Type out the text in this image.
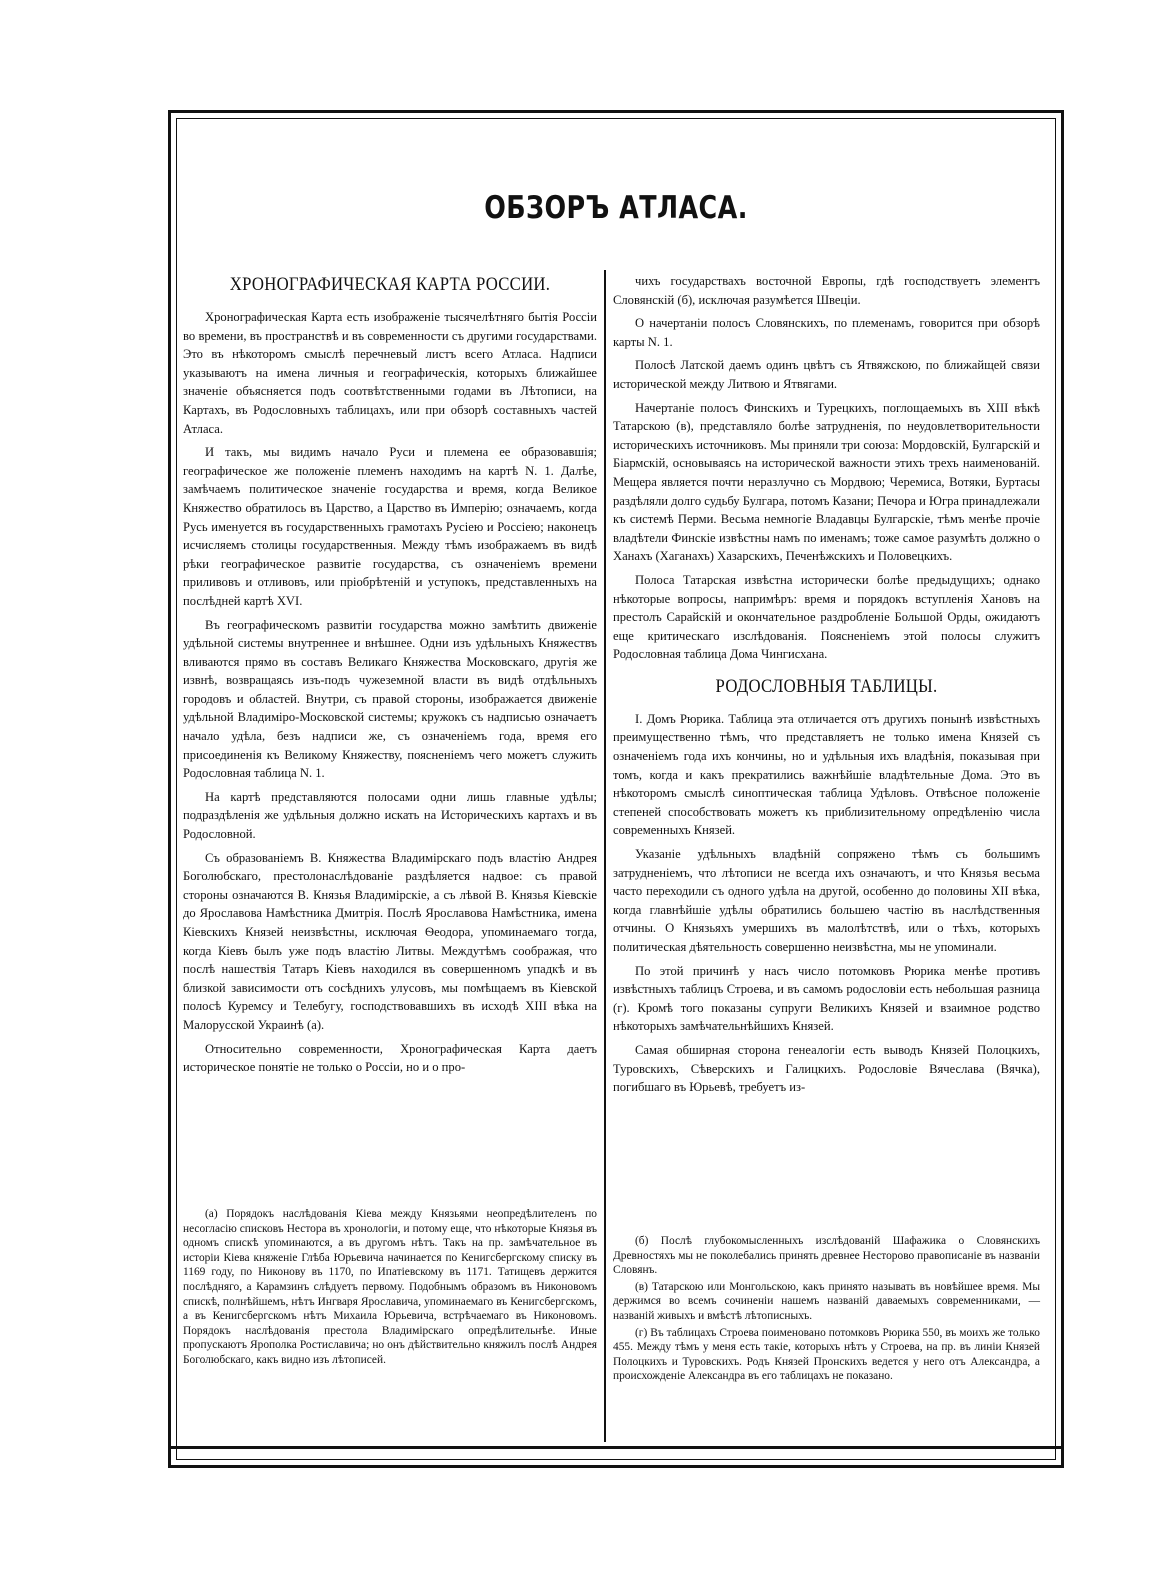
ОБЗОРЪ АТЛАСА.
ХРОНОГРАФИЧЕСКАЯ КАРТА РОССИИ.

Хронографическая Карта есть изображенiе тысячелѣтняго бытiя Россiи во времени, въ пространствѣ и въ современности съ другими государствами. Это въ нѣкоторомъ смыслѣ перечневый листъ всего Атласа. Надписи указываютъ на имена личныя и географическiя, которыхъ ближайшее значенiе объясняется подъ соотвѣтственными годами въ Лѣтописи, на Картахъ, въ Родословныхъ таблицахъ, или при обзорѣ составныхъ частей Атласа.

И такъ, мы видимъ начало Руси и племена ее образовавшiя; географическое же положенiе племенъ находимъ на картѣ N. 1. Далѣе, замѣчаемъ политическое значенiе государства и время, когда Великое Княжество обратилось въ Царство, а Царство въ Имперiю; означаемъ, когда Русь именуется въ государственныхъ грамотахъ Русiею и Россiею; наконецъ исчисляемъ столицы государственныя. Между тѣмъ изображаемъ въ видѣ рѣки географическое развитiе государства, съ означенiемъ времени приливовъ и отливовъ, или прiобрѣтенiй и уступокъ, представленныхъ на послѣдней картѣ XVI.

Въ географическомъ развитiи государства можно замѣтить движенiе удѣльной системы внутреннее и внѣшнее. Одни изъ удѣльныхъ Княжествъ вливаются прямо въ составъ Великаго Княжества Московскаго, другiя же извнѣ, возвращаясь изъ-подъ чужеземной власти въ видѣ отдѣльныхъ городовъ и областей. Внутри, съ правой стороны, изображается движенiе удѣльной Владимiро-Московской системы; кружокъ съ надписью означаетъ начало удѣла, безъ надписи же, съ означенiемъ года, время его присоединенiя къ Великому Княжеству, поясненiемъ чего можетъ служить Родословная таблица N. 1.

На картѣ представляются полосами одни лишь главные удѣлы; подраздѣленiя же удѣльныя должно искать на Историческихъ картахъ и въ Родословной.

Съ образованiемъ В. Княжества Владимiрскаго подъ властiю Андрея Боголюбскаго, престолонаслѣдованiе раздѣляется надвое: съ правой стороны означаются В. Князья Владимiрскiе, а съ лѣвой В. Князья Кiевскiе до Ярославова Намѣстника Дмитрiя. Послѣ Ярославова Намѣстника, имена Кiевскихъ Князей неизвѣстны, исключая Ѳеодора, упоминаемаго тогда, когда Кiевъ былъ уже подъ властiю Литвы. Междутѣмъ соображая, что послѣ нашествiя Татаръ Кiевъ находился въ совершенномъ упадкѣ и въ близкой зависимости отъ сосѣднихъ улусовъ, мы помѣщаемъ въ Кiевской полосѣ Куремсу и Телебугу, господствовавшихъ въ исходѣ XIII вѣка на Малорусской Украинѣ (а).

Относительно современности, Хронографическая Карта даетъ историческое понятiе не только о Россiи, но и о про-

(а) Порядокъ наслѣдованiя Кiева между Князьями неопредѣлителенъ по несогласiю списковъ Нестора въ хронологiи, и потому еще, что нѣкоторые Князья въ одномъ спискѣ упоминаются, а въ другомъ нѣтъ. Такъ на пр. замѣчательное въ исторiи Кiева княженiе Глѣба Юрьевича начинается по Кенигсбергскому списку въ 1169 году, по Никонову въ 1170, по Ипатiевскому въ 1171. Татищевъ держится послѣдняго, а Карамзинъ слѣдуетъ первому. Подобнымъ образомъ въ Никоновомъ спискѣ, полнѣйшемъ, нѣтъ Ингваря Ярославича, упоминаемаго въ Кенигсбергскомъ, а въ Кенигсбергскомъ нѣтъ Михаила Юрьевича, встрѣчаемаго въ Никоновомъ. Порядокъ наслѣдованiя престола Владимiрскаго опредѣлительнѣе. Иные пропускаютъ Ярополка Ростиславича; но онъ дѣйствительно княжилъ послѣ Андрея Боголюбскаго, какъ видно изъ лѣтописей.

чихъ государствахъ восточной Европы, гдѣ господствуетъ элементъ Словянскiй (б), исключая разумѣется Швецiи.

О начертанiи полосъ Словянскихъ, по племенамъ, говорится при обзорѣ карты N. 1.

Полосѣ Латской даемъ одинъ цвѣтъ съ Ятвяжскою, по ближайщей связи исторической между Литвою и Ятвягами.

Начертанiе полосъ Финскихъ и Турецкихъ, поглощаемыхъ въ XIII вѣкѣ Татарскою (в), представляло болѣе затрудненiя, по неудовлетворительности историческихъ источниковъ. Мы приняли три союза: Мордовскiй, Булгарскiй и Бiармскiй, основываясь на исторической важности этихъ трехъ наименованiй. Мещера является почти неразлучно съ Мордвою; Черемиса, Вотяки, Буртасы раздѣляли долго судьбу Булгара, потомъ Казани; Печора и Югра принадлежали къ системѣ Перми. Весьма немногiе Владавцы Булгарскiе, тѣмъ менѣе прочiе владѣтели Финскiе извѣстны намъ по именамъ; тоже самое разумѣть должно о Ханахъ (Хаганахъ) Хазарскихъ, Печенѣжскихъ и Половецкихъ.

Полоса Татарская извѣстна исторически болѣе предыдущихъ; однако нѣкоторые вопросы, напримѣръ: время и порядокъ вступленiя Хановъ на престолъ Сарайскiй и окончательное раздробленiе Большой Орды, ожидаютъ еще критическаго изслѣдованiя. Поясненiемъ этой полосы служитъ Родословная таблица Дома Чингисхана.

РОДОСЛОВНЫЯ ТАБЛИЦЫ.

I. Домъ Рюрика. Таблица эта отличается отъ другихъ понынѣ извѣстныхъ преимущественно тѣмъ, что представляетъ не только имена Князей съ означенiемъ года ихъ кончины, но и удѣльныя ихъ владѣнiя, показывая при томъ, когда и какъ прекратились важнѣйшiе владѣтельные Дома. Это въ нѣкоторомъ смыслѣ синоптическая таблица Удѣловъ. Отвѣсное положенiе степеней способствовать можетъ къ приблизительному опредѣленiю числа современныхъ Князей.

Указанiе удѣльныхъ владѣнiй сопряжено тѣмъ съ большимъ затрудненiемъ, что лѣтописи не всегда ихъ означаютъ, и что Князья весьма часто переходили съ одного удѣла на другой, особенно до половины XII вѣка, когда главнѣйшiе удѣлы обратились большею частiю въ наслѣдственныя отчины. О Князьяхъ умершихъ въ малолѣтствѣ, или о тѣхъ, которыхъ политическая дѣятельность совершенно неизвѣстна, мы не упоминали.

По этой причинѣ у насъ число потомковъ Рюрика менѣе противъ извѣстныхъ таблицъ Строева, и въ самомъ родословiи есть небольшая разница (г). Кромѣ того показаны супруги Великихъ Князей и взаимное родство нѣкоторыхъ замѣчательнѣйшихъ Князей.

Самая обширная сторона генеалогiи есть выводъ Князей Полоцкихъ, Туровскихъ, Сѣверскихъ и Галицкихъ. Родословiе Вячеслава (Вячка), погибшаго въ Юрьевѣ, требуетъ из-

(б) Послѣ глубокомысленныхъ изслѣдованiй Шафажика о Словянскихъ Древностяхъ мы не поколебались принять древнее Несторово правописанiе въ названiи Словянъ.

(в) Татарскою или Монгольскою, какъ принято называть въ новѣйшее время. Мы держимся во всемъ сочиненiи нашемъ названiй даваемыхъ современниками, — названiй живыхъ и вмѣстѣ лѣтописныхъ.

(г) Въ таблицахъ Строева поименовано потомковъ Рюрика 550, въ моихъ же только 455. Между тѣмъ у меня есть такiе, которыхъ нѣтъ у Строева, на пр. въ линiи Князей Полоцкихъ и Туровскихъ. Родъ Князей Пронскихъ ведется у него отъ Александра, а происхожденiе Александра въ его таблицахъ не показано.
